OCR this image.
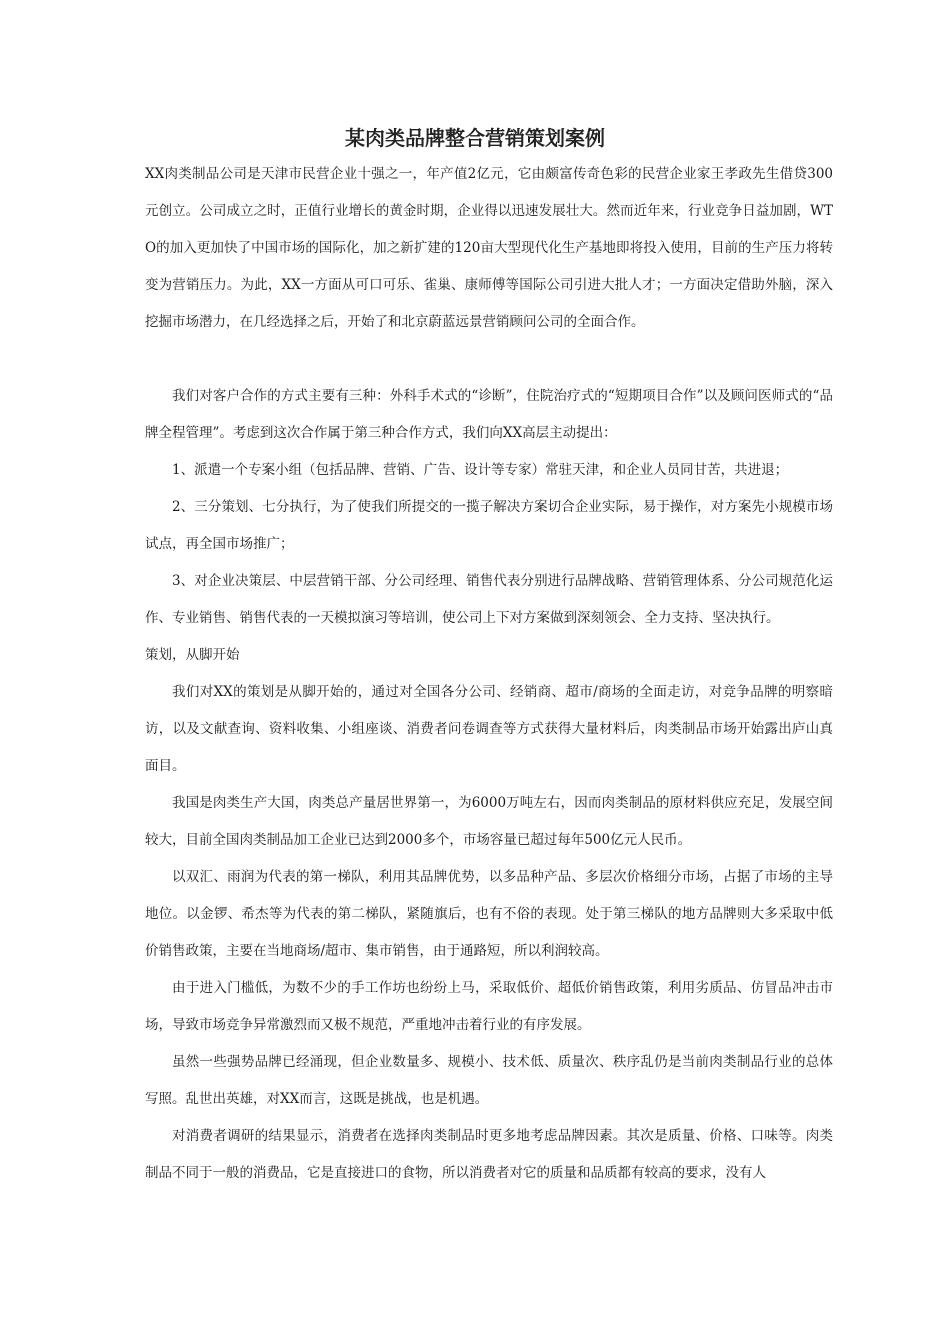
某肉类品牌整合营销策划案例

XX肉类制品公司是天津市民营企业十强之一，年产值2亿元，它由颇富传奇色彩的民营企业家王孝政先生借贷300元创立。公司成立之时，正值行业增长的黄金时期，企业得以迅速发展壮大。然而近年来，行业竞争日益加剧，WTO的加入更加快了中国市场的国际化，加之新扩建的120亩大型现代化生产基地即将投入使用，目前的生产压力将转变为营销压力。为此，XX一方面从可口可乐、雀巢、康师傅等国际公司引进大批人才；一方面决定借助外脑，深入挖掘市场潜力，在几经选择之后，开始了和北京蔚蓝远景营销顾问公司的全面合作。

我们对客户合作的方式主要有三种：外科手术式的“诊断”，住院治疗式的“短期项目合作”以及顾问医师式的“品牌全程管理”。考虑到这次合作属于第三种合作方式，我们向XX高层主动提出：

1、派遣一个专案小组（包括品牌、营销、广告、设计等专家）常驻天津，和企业人员同甘苦，共进退；

2、三分策划、七分执行，为了使我们所提交的一揽子解决方案切合企业实际，易于操作，对方案先小规模市场试点，再全国市场推广；

3、对企业决策层、中层营销干部、分公司经理、销售代表分别进行品牌战略、营销管理体系、分公司规范化运作、专业销售、销售代表的一天模拟演习等培训，使公司上下对方案做到深刻领会、全力支持、坚决执行。

策划，从脚开始

我们对XX的策划是从脚开始的，通过对全国各分公司、经销商、超市/商场的全面走访，对竞争品牌的明察暗访，以及文献查询、资料收集、小组座谈、消费者问卷调查等方式获得大量材料后，肉类制品市场开始露出庐山真面目。

我国是肉类生产大国，肉类总产量居世界第一，为6000万吨左右，因而肉类制品的原材料供应充足，发展空间较大，目前全国肉类制品加工企业已达到2000多个，市场容量已超过每年500亿元人民币。

以双汇、雨润为代表的第一梯队，利用其品牌优势，以多品种产品、多层次价格细分市场，占据了市场的主导地位。以金锣、希杰等为代表的第二梯队，紧随旗后，也有不俗的表现。处于第三梯队的地方品牌则大多采取中低价销售政策，主要在当地商场/超市、集市销售，由于通路短，所以利润较高。

由于进入门槛低，为数不少的手工作坊也纷纷上马，采取低价、超低价销售政策，利用劣质品、仿冒品冲击市场，导致市场竞争异常激烈而又极不规范，严重地冲击着行业的有序发展。

虽然一些强势品牌已经涌现，但企业数量多、规模小、技术低、质量次、秩序乱仍是当前肉类制品行业的总体写照。乱世出英雄，对XX而言，这既是挑战，也是机遇。

对消费者调研的结果显示，消费者在选择肉类制品时更多地考虑品牌因素。其次是质量、价格、口味等。肉类制品不同于一般的消费品，它是直接进口的食物，所以消费者对它的质量和品质都有较高的要求，没有人
